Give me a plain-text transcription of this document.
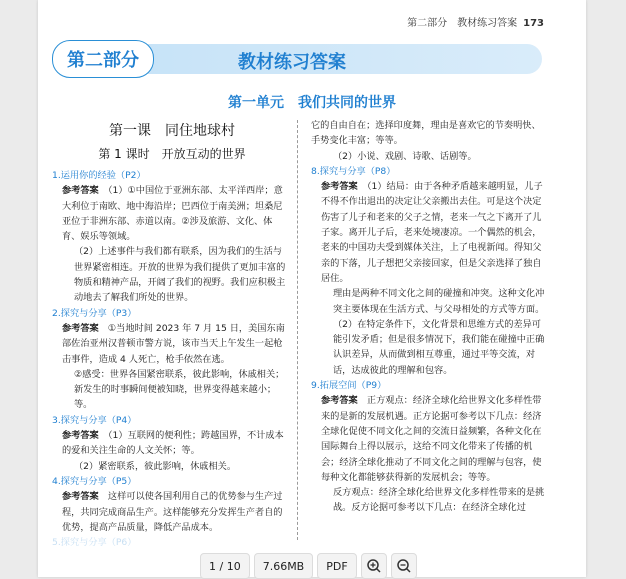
第二部分　教材练习答案 173
第二部分	教材练习答案
第一单元　我们共同的世界
第一课　同住地球村
第 1 课时　开放互动的世界

1.运用你的经验（P2）

参考答案　（1）①中国位于亚洲东部、太平洋西岸；意大利位于南欧、地中海沿岸；巴西位于南美洲；坦桑尼亚位于非洲东部、赤道以南。②涉及旅游、文化、体育、娱乐等领域。

（2）上述事件与我们都有联系，因为我们的生活与世界紧密相连。开放的世界为我们提供了更加丰富的物质和精神产品，开阔了我们的视野。我们应积极主动地去了解我们所处的世界。

2.探究与分享（P3）

参考答案　①当地时间 2023 年 7 月 15 日，美国东南部佐治亚州汉普顿市警方说，该市当天上午发生一起枪击事件，造成 4 人死亡，枪手依然在逃。

②感受：世界各国紧密联系，彼此影响，休戚相关；新发生的时事瞬间便被知晓，世界变得越来越小；等。

3.探究与分享（P4）

参考答案　（1）互联网的便利性；跨越国界，不计成本的爱和关注生命的人文关怀；等。

（2）紧密联系，彼此影响，休戚相关。

4.探究与分享（P5）

参考答案　这样可以使各国利用自己的优势参与生产过程，共同完成商品生产。这样能够充分发挥生产者自的优势，提高产品质量，降低产品成本。

5.探究与分享（P6）

它的自由自在；选择印度舞，理由是喜欢它的节奏明快、手势变化丰富；等等。

（2）小说、戏剧、诗歌、话剧等。

8.探究与分享（P8）

参考答案　（1）结局：由于各种矛盾越来越明显，儿子不得不作出退出的决定让父亲搬出去住。可是这个决定伤害了儿子和老来的父子之情，老来一气之下离开了儿子家。离开儿子后，老来处境凄凉。一个偶然的机会，老来的中国功夫受到媒体关注，上了电视新闻。得知父亲的下落，儿子想把父亲接回家，但是父亲选择了独自居住。

理由是两种不同文化之间的碰撞和冲突。这种文化冲突主要体现在生活方式、与父母相处的方式等方面。

（2）在特定条件下，文化背景和思维方式的差异可能引发矛盾；但是很多情况下，我们能在碰撞中正确认识差异，从而做到相互尊重，通过平等交流，对话，达成彼此的理解和包容。

9.拓展空间（P9）

参考答案　正方观点：经济全球化给世界文化多样性带来的是新的发展机遇。正方论据可参考以下几点：经济全球化促使不同文化之间的交流日益频繁，各种文化在国际舞台上得以展示，这给不同文化带来了传播的机会；经济全球化推动了不同文化之间的理解与包容，使每种文化都能够获得新的发展机会；等等。

反方观点：经济全球化给世界文化多样性带来的是挑战。反方论据可参考以下几点：在经济全球化过

1 / 10	7.66MB	PDF
